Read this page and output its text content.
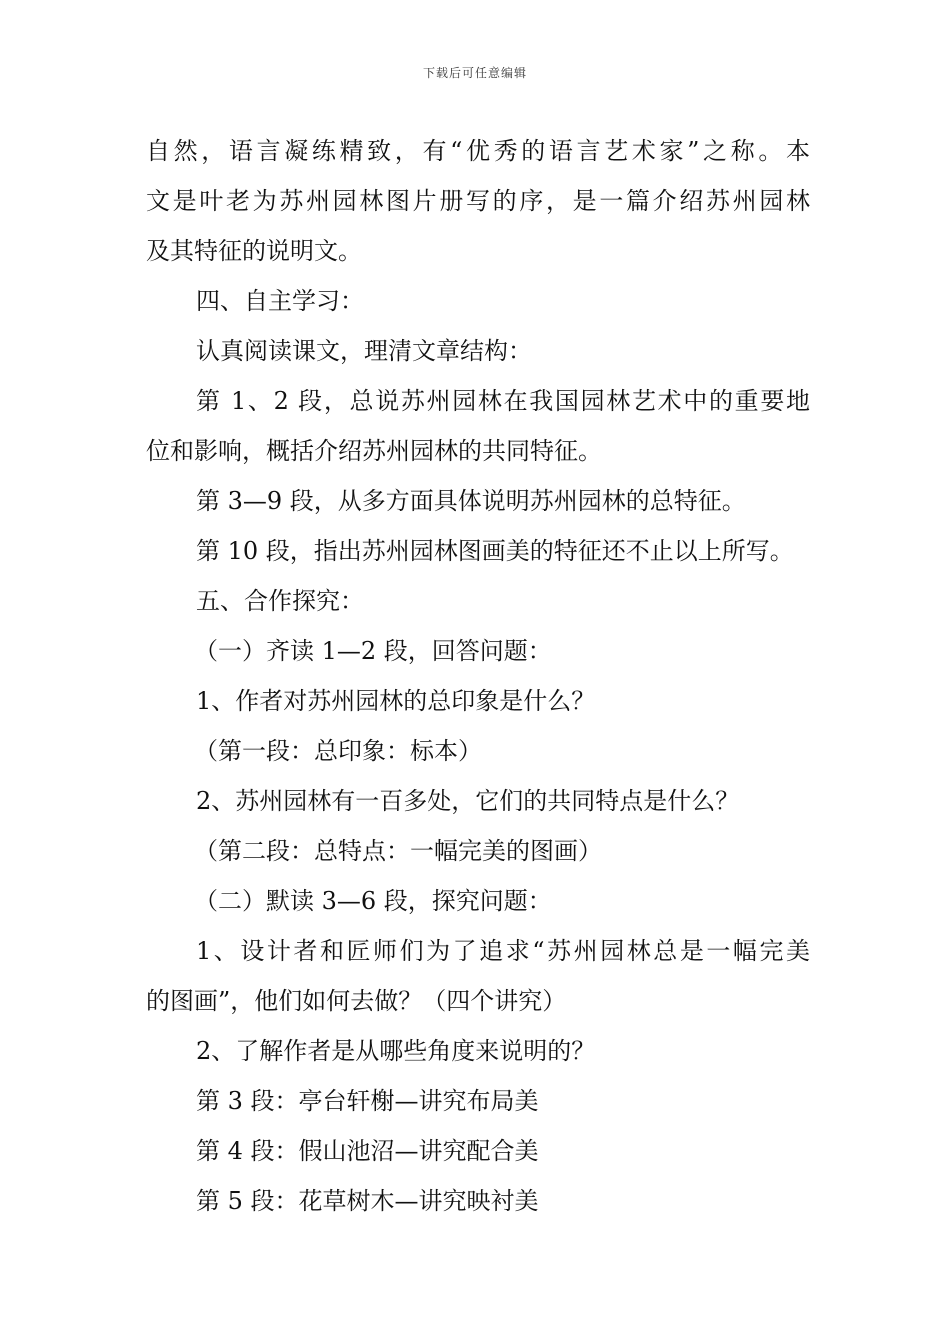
下载后可任意编辑
自然，语言凝练精致，有“优秀的语言艺术家”之称。本
文是叶老为苏州园林图片册写的序，是一篇介绍苏州园林
及其特征的说明文。
四、自主学习：
认真阅读课文，理清文章结构：
第 1、2 段，总说苏州园林在我国园林艺术中的重要地
位和影响，概括介绍苏州园林的共同特征。
第 3—9 段，从多方面具体说明苏州园林的总特征。
第 10 段，指出苏州园林图画美的特征还不止以上所写。
五、合作探究：
（一）齐读 1—2 段，回答问题：
1、作者对苏州园林的总印象是什么？
（第一段：总印象：标本）
2、苏州园林有一百多处，它们的共同特点是什么？
（第二段：总特点：一幅完美的图画）
（二）默读 3—6 段，探究问题：
1、设计者和匠师们为了追求“苏州园林总是一幅完美
的图画”，他们如何去做？（四个讲究）
2、了解作者是从哪些角度来说明的？
第 3 段：亭台轩榭—讲究布局美
第 4 段：假山池沼—讲究配合美
第 5 段：花草树木—讲究映衬美
